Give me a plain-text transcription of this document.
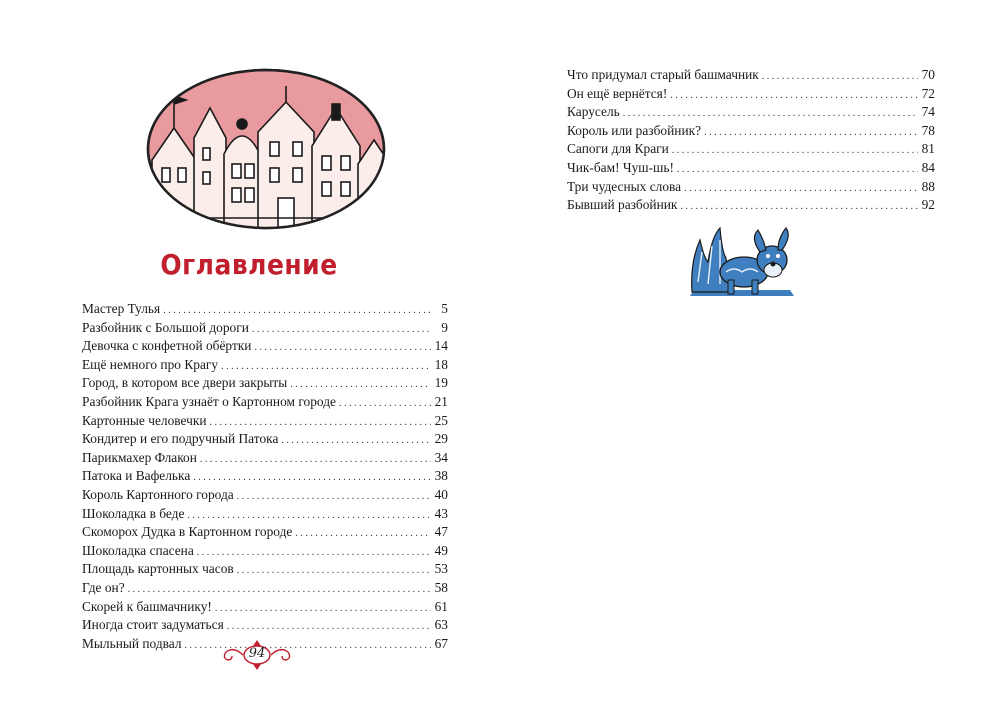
Оглавление
Мастер Тулья . . .	5
Разбойник с Большой дороги . . .	9
Девочка с конфетной обёртки . . .	14
Ещё немного про Крагу . . .	18
Город, в котором все двери закрыты . . .	19
Разбойник Крага узнаёт о Картонном городе . . .	21
Картонные человечки . . .	25
Кондитер и его подручный Патока . . .	29
Парикмахер Флакон . . .	34
Патока и Вафелька . . .	38
Король Картонного города . . .	40
Шоколадка в беде . . .	43
Скоморох Дудка в Картонном городе . . .	47
Шоколадка спасена . . .	49
Площадь картонных часов . . .	53
Где он? . . .	58
Скорей к башмачнику! . . .	61
Иногда стоит задуматься . . .	63
Мыльный подвал . . .	67
Что придумал старый башмачник . . .	70
Он ещё вернётся! . . .	72
Карусель . . .	74
Король или разбойник? . . .	78
Сапоги для Краги . . .	81
Чик-бам! Чуш-шь! . . .	84
Три чудесных слова . . .	88
Бывший разбойник . . .	92
94
